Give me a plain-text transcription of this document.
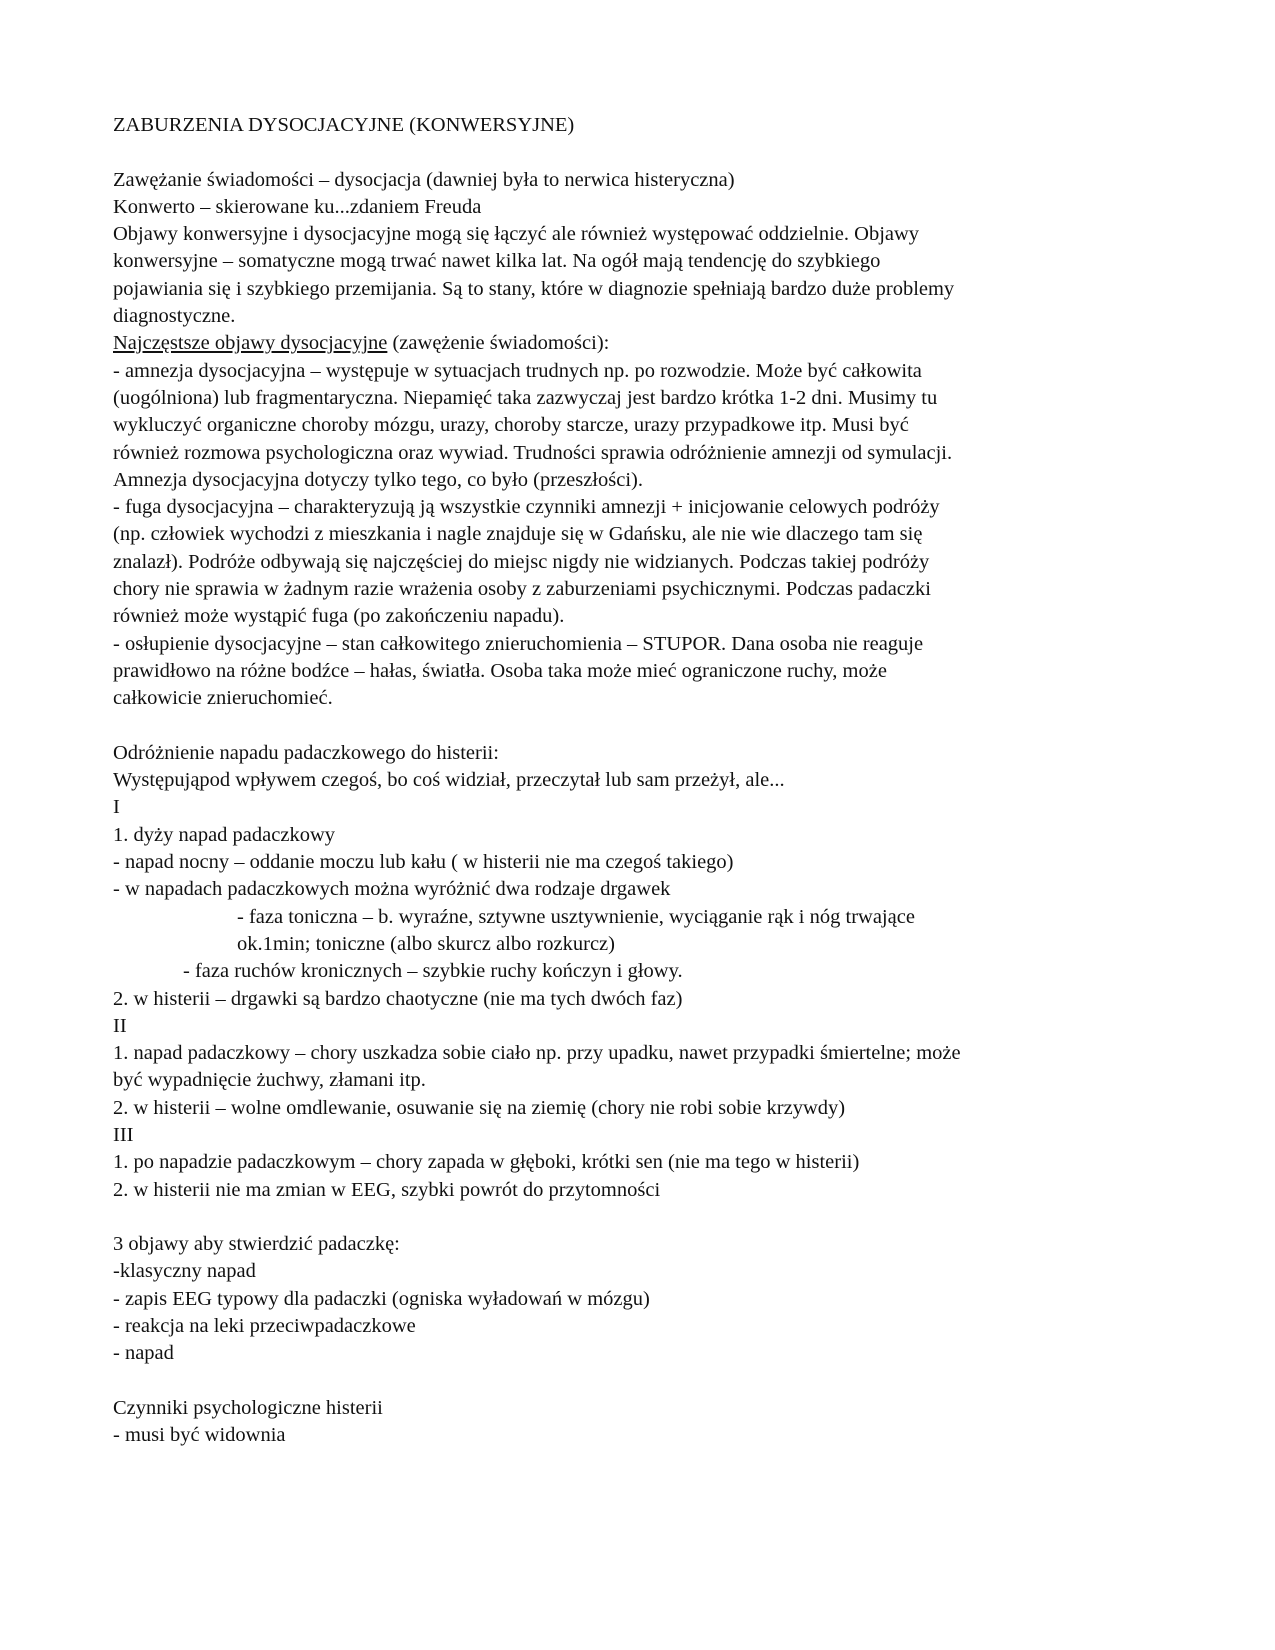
ZABURZENIA DYSOCJACYJNE (KONWERSYJNE)
Zawężanie świadomości – dysocjacja (dawniej była to nerwica histeryczna)
Konwerto – skierowane ku...zdaniem Freuda
Objawy konwersyjne i dysocjacyjne mogą się łączyć ale również występować oddzielnie. Objawy
konwersyjne – somatyczne mogą trwać nawet kilka lat. Na ogół mają tendencję do szybkiego
pojawiania się i szybkiego przemijania. Są to stany, które w diagnozie spełniają bardzo duże problemy
diagnostyczne.
Najczęstsze objawy dysocjacyjne (zawężenie świadomości):
- amnezja dysocjacyjna – występuje w sytuacjach trudnych np. po rozwodzie. Może być całkowita
(uogólniona) lub fragmentaryczna. Niepamięć taka zazwyczaj jest bardzo krótka 1-2 dni. Musimy tu
wykluczyć organiczne choroby mózgu, urazy, choroby starcze, urazy przypadkowe itp. Musi być
również rozmowa psychologiczna oraz wywiad. Trudności sprawia odróżnienie amnezji od symulacji.
Amnezja dysocjacyjna dotyczy tylko tego, co było (przeszłości).
- fuga dysocjacyjna – charakteryzują ją wszystkie czynniki amnezji + inicjowanie celowych podróży
(np. człowiek wychodzi z mieszkania i nagle znajduje się w Gdańsku, ale nie wie dlaczego tam się
znalazł). Podróże odbywają się najczęściej do miejsc nigdy nie widzianych. Podczas takiej podróży
chory nie sprawia w żadnym razie wrażenia osoby z zaburzeniami psychicznymi. Podczas padaczki
również może wystąpić fuga (po zakończeniu napadu).
- osłupienie dysocjacyjne – stan całkowitego znieruchomienia – STUPOR. Dana osoba nie reaguje
prawidłowo na różne bodźce – hałas, światła. Osoba taka może mieć ograniczone ruchy, może
całkowicie znieruchomieć.
Odróżnienie napadu padaczkowego do histerii:
Występująpod wpływem czegoś, bo coś widział, przeczytał lub sam przeżył, ale...
I
1. dyży napad padaczkowy
- napad nocny – oddanie moczu lub kału ( w histerii nie ma czegoś takiego)
- w napadach padaczkowych można wyróżnić dwa rodzaje drgawek
- faza toniczna – b. wyraźne, sztywne usztywnienie, wyciąganie rąk i nóg trwające
ok.1min; toniczne (albo skurcz albo rozkurcz)
- faza ruchów kronicznych – szybkie ruchy kończyn i głowy.
2. w histerii – drgawki są bardzo chaotyczne (nie ma tych dwóch faz)
II
1. napad padaczkowy – chory uszkadza sobie ciało np. przy upadku, nawet przypadki śmiertelne; może
być wypadnięcie żuchwy, złamani itp.
2. w histerii – wolne omdlewanie, osuwanie się na ziemię (chory nie robi sobie krzywdy)
III
1. po napadzie padaczkowym – chory zapada w głęboki, krótki sen (nie ma tego w histerii)
2. w histerii nie ma zmian w EEG, szybki powrót do przytomności
3 objawy aby stwierdzić padaczkę:
-klasyczny napad
- zapis EEG typowy dla padaczki (ogniska wyładowań w mózgu)
- reakcja na leki przeciwpadaczkowe
- napad
Czynniki psychologiczne histerii
- musi być widownia
